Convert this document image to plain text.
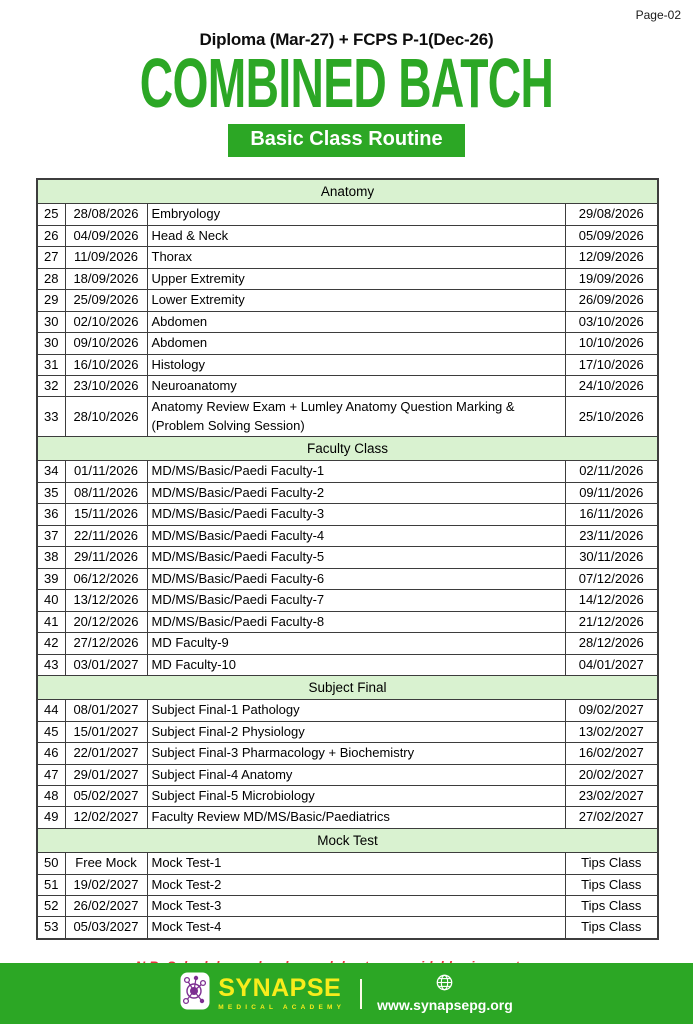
Page-02
Diploma (Mar-27) + FCPS P-1(Dec-26)
COMBINED BATCH
Basic Class Routine
Anatomy			
25	28/08/2026	Embryology	29/08/2026
26	04/09/2026	Head & Neck	05/09/2026
27	11/09/2026	Thorax	12/09/2026
28	18/09/2026	Upper Extremity	19/09/2026
29	25/09/2026	Lower Extremity	26/09/2026
30	02/10/2026	Abdomen	03/10/2026
30	09/10/2026	Abdomen	10/10/2026
31	16/10/2026	Histology	17/10/2026
32	23/10/2026	Neuroanatomy	24/10/2026
33	28/10/2026	Anatomy Review Exam + Lumley Anatomy Question Marking & (Problem Solving Session)	25/10/2026
Faculty Class			
34	01/11/2026	MD/MS/Basic/Paedi Faculty-1	02/11/2026
35	08/11/2026	MD/MS/Basic/Paedi Faculty-2	09/11/2026
36	15/11/2026	MD/MS/Basic/Paedi Faculty-3	16/11/2026
37	22/11/2026	MD/MS/Basic/Paedi Faculty-4	23/11/2026
38	29/11/2026	MD/MS/Basic/Paedi Faculty-5	30/11/2026
39	06/12/2026	MD/MS/Basic/Paedi Faculty-6	07/12/2026
40	13/12/2026	MD/MS/Basic/Paedi Faculty-7	14/12/2026
41	20/12/2026	MD/MS/Basic/Paedi Faculty-8	21/12/2026
42	27/12/2026	MD Faculty-9	28/12/2026
43	03/01/2027	MD Faculty-10	04/01/2027
Subject Final			
44	08/01/2027	Subject Final-1 Pathology	09/02/2027
45	15/01/2027	Subject Final-2 Physiology	13/02/2027
46	22/01/2027	Subject Final-3 Pharmacology + Biochemistry	16/02/2027
47	29/01/2027	Subject Final-4 Anatomy	20/02/2027
48	05/02/2027	Subject Final-5 Microbiology	23/02/2027
49	12/02/2027	Faculty Review MD/MS/Basic/Paediatrics	27/02/2027
Mock Test			
50	Free Mock	Mock Test-1	Tips Class
51	19/02/2027	Mock Test-2	Tips Class
52	26/02/2027	Mock Test-3	Tips Class
53	05/03/2027	Mock Test-4	Tips Class
SYNAPSE
MEDICAL ACADEMY www.synapsepg.org
